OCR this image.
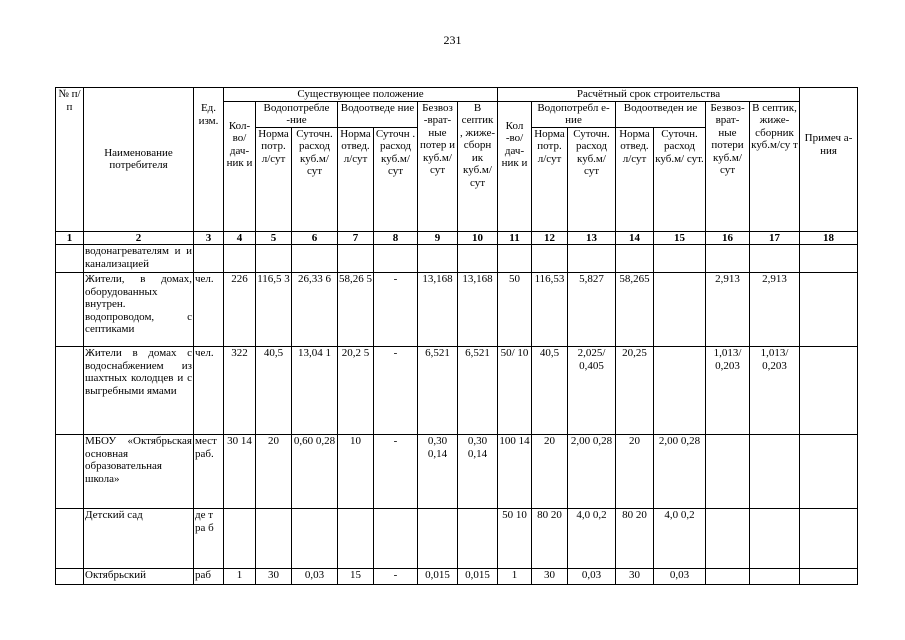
231
№ п/п	Наименование потребителя	Ед. изм.	Существующее положение							Расчётный срок строительства							Примеч а-ния
			Кол-во/ дач-ник и	Водопотребле -ние		Водоотведе ние		Безвоз -врат-ные потер и куб.м/ сут	В септик , жиже-сборн ик куб.м/ сут	Кол -во/ дач-ник и	Водопотребл е-ние		Водоотведен ие		Безвоз-врат-ные потери куб.м/ сут	В септик, жиже-сборник куб.м/су т	
				Норма потр. л/сут	Суточн. расход куб.м/ сут	Норма отвед. л/сут	Суточн . расход куб.м/ сут				Норма потр. л/сут	Суточн. расход куб.м/ сут	Норма отвед. л/сут	Суточн. расход куб.м/ сут.			

1	2	3	4	5	6	7	8	9	10	11	12	13	14	15	16	17	18
	водонагревателям и и канализацией																
	Жители, в домах, оборудованных внутрен. водопроводом, с септиками	чел.	226	116,5 3	26,33 6	58,26 5	-	13,168	13,168	50	116,53	5,827	58,265		2,913	2,913	
	Жители в домах с водоснабжением из шахтных колодцев и с выгребными ямами	чел.	322	40,5	13,04 1	20,2 5	-	6,521	6,521	50/ 10	40,5	2,025/ 0,405	20,25		1,013/ 0,203	1,013/ 0,203	
	МБОУ «Октябрьская основная образовательная школа»	мест раб.	30 14	20	0,60 0,28	10	-	0,30 0,14	0,30 0,14	100 14	20	2,00 0,28	20	2,00 0,28			
	Детский сад	де т ра б								50 10	80 20	4,0 0,2	80 20	4,0 0,2			
	Октябрьский	раб	1	30	0,03	15	-	0,015	0,015	1	30	0,03	30	0,03			
